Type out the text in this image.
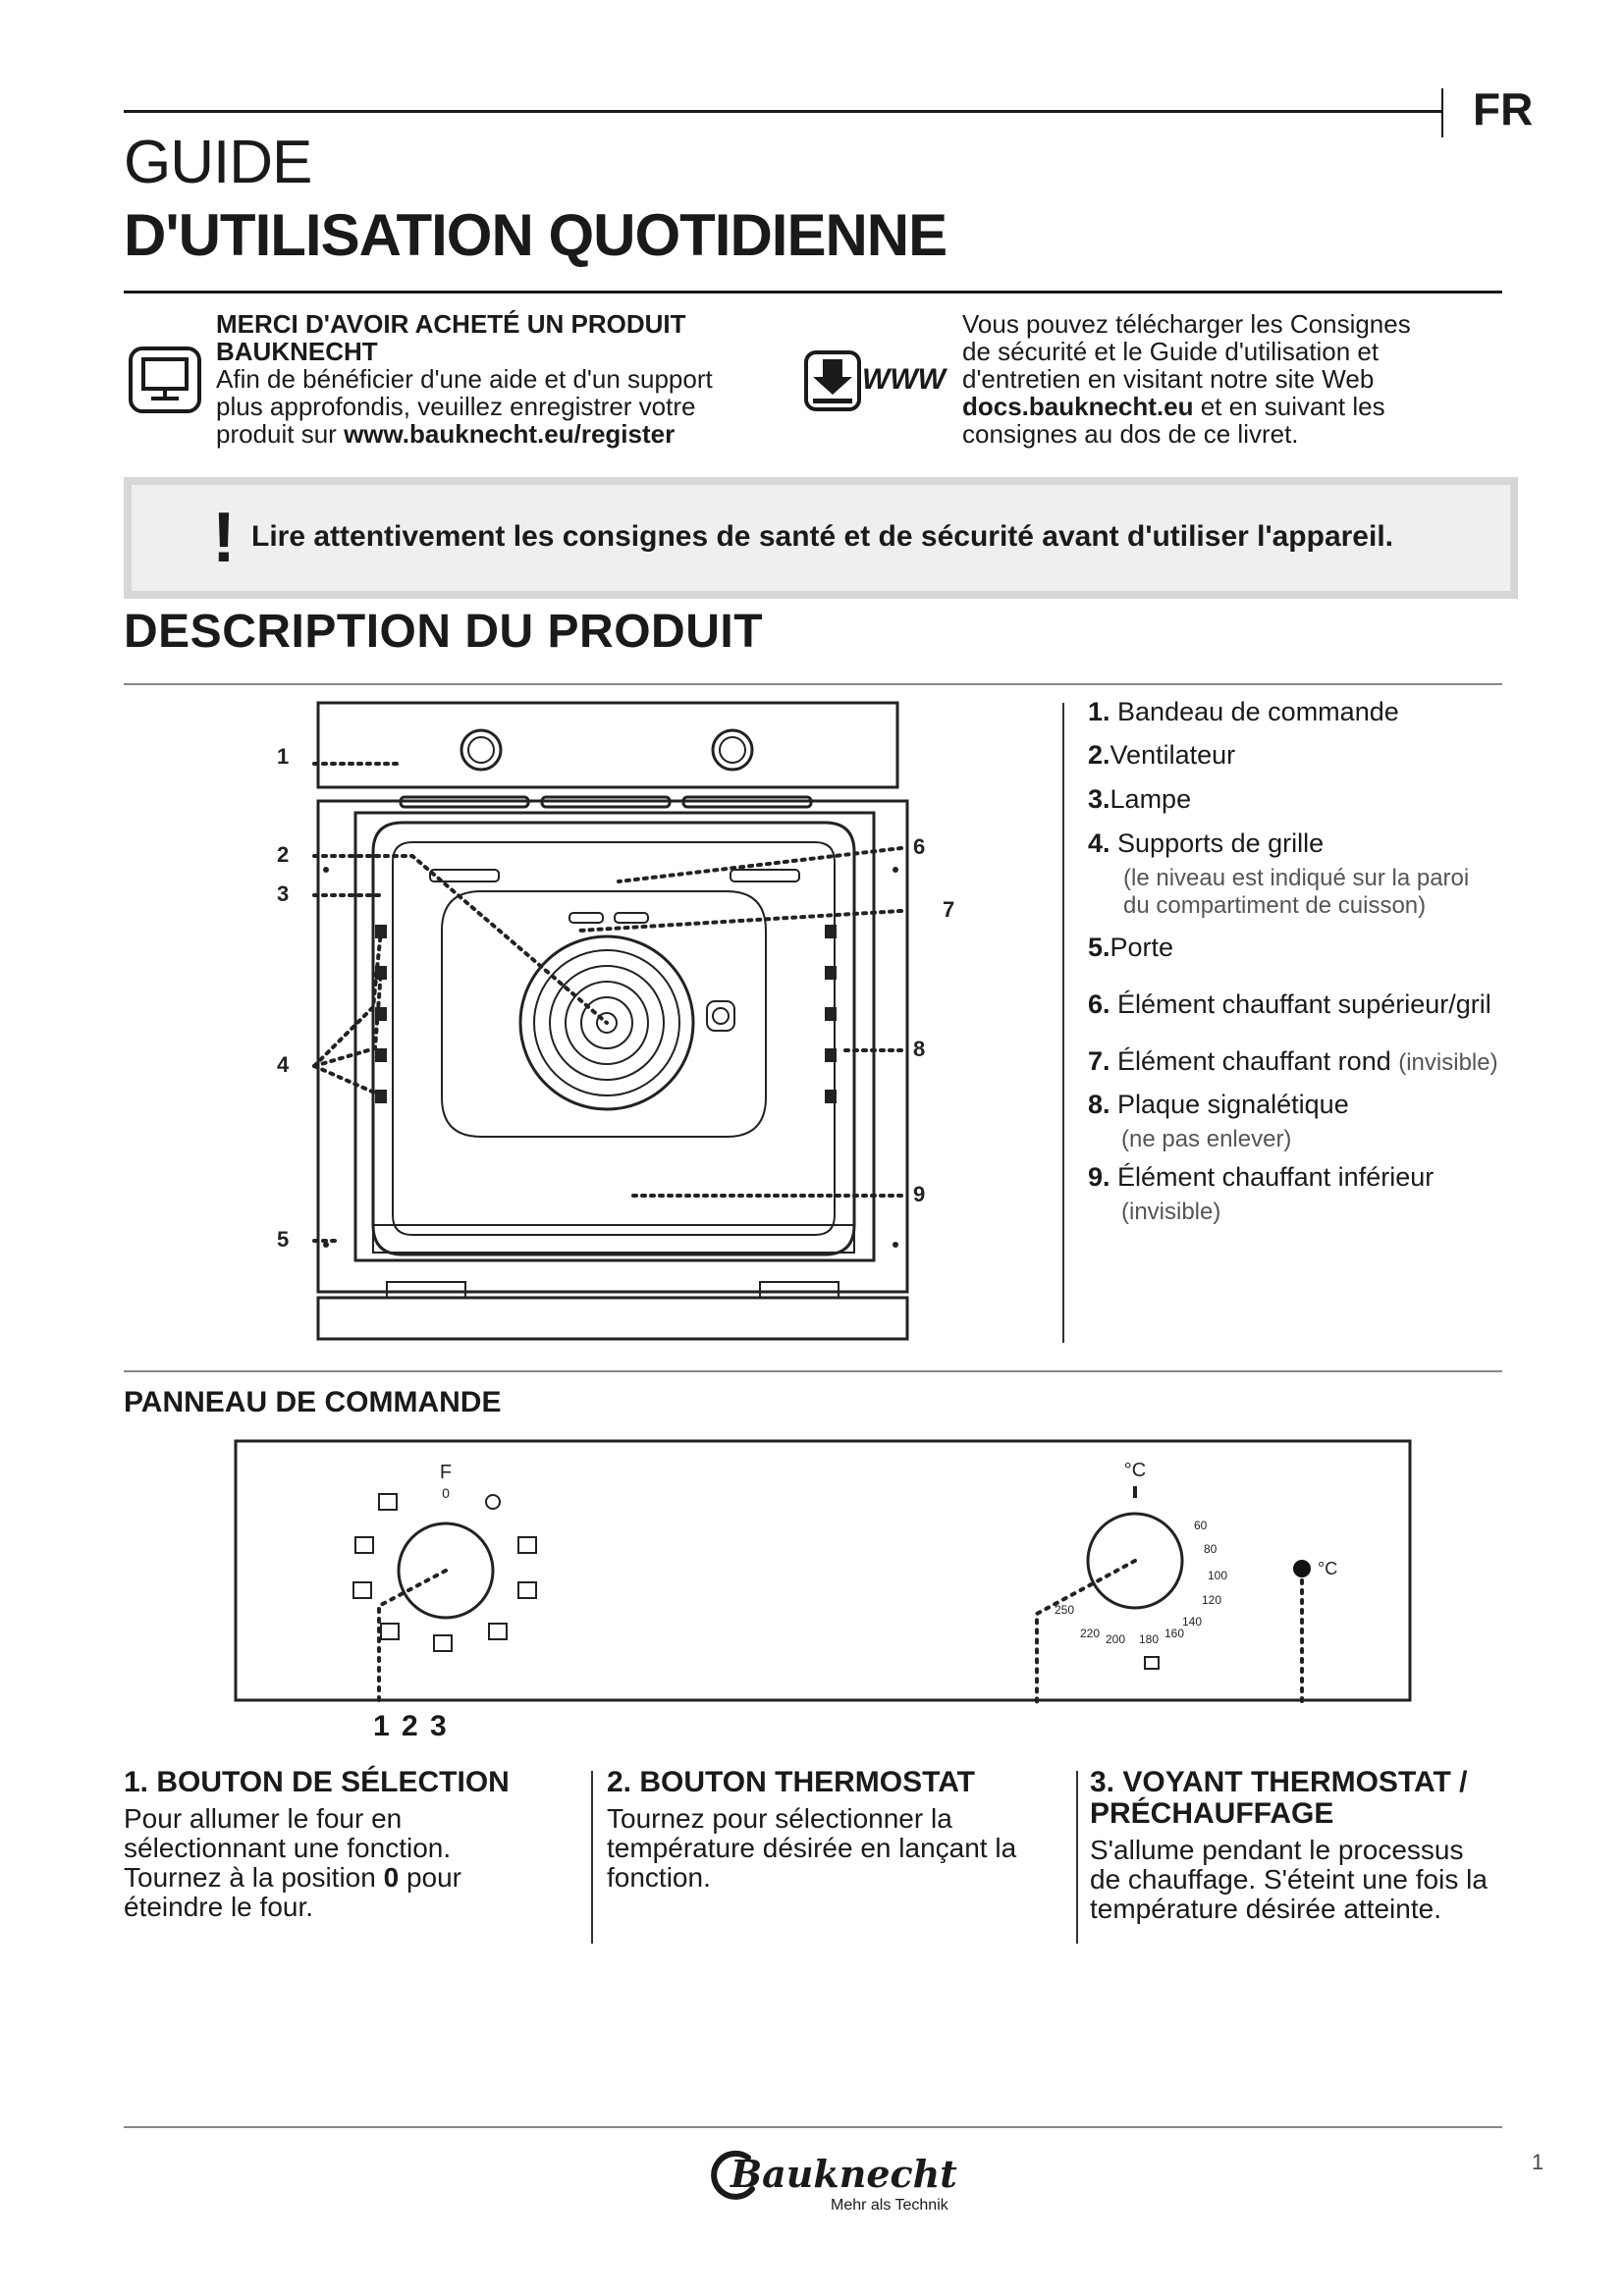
FR
GUIDE
D'UTILISATION QUOTIDIENNE
MERCI D'AVOIR ACHETÉ UN PRODUIT
BAUKNECHT
Afin de bénéficier d'une aide et d'un support
plus approfondis, veuillez enregistrer votre
produit sur www.bauknecht.eu/register
WWW
Vous pouvez télécharger les Consignes
de sécurité et le Guide d'utilisation et
d'entretien en visitant notre site Web
docs.bauknecht.eu et en suivant les
consignes au dos de ce livret.
! Lire attentivement les consignes de santé et de sécurité avant d'utiliser l'appareil.
DESCRIPTION DU PRODUIT
1
2
3
4
5
6
7
8
9
1. Bandeau de commande
2.Ventilateur
3.Lampe
4. Supports de grille
(le niveau est indiqué sur la paroi
du compartiment de cuisson)
5.Porte
6. Élément chauffant supérieur/gril
7. Élément chauffant rond (invisible)
8. Plaque signalétique
(ne pas enlever)
9. Élément chauffant inférieur
(invisible)
PANNEAU DE COMMANDE
F
0
°C
60
80
100
120
140
160
180
200
220
250
°C
1 2 3
1. BOUTON DE SÉLECTION
Pour allumer le four en
sélectionnant une fonction.
Tournez à la position 0 pour
éteindre le four.
2. BOUTON THERMOSTAT
Tournez pour sélectionner la
température désirée en lançant la
fonction.
3. VOYANT THERMOSTAT /
PRÉCHAUFFAGE
S'allume pendant le processus
de chauffage. S'éteint une fois la
température désirée atteinte.
Bauknecht
Mehr als Technik
1
